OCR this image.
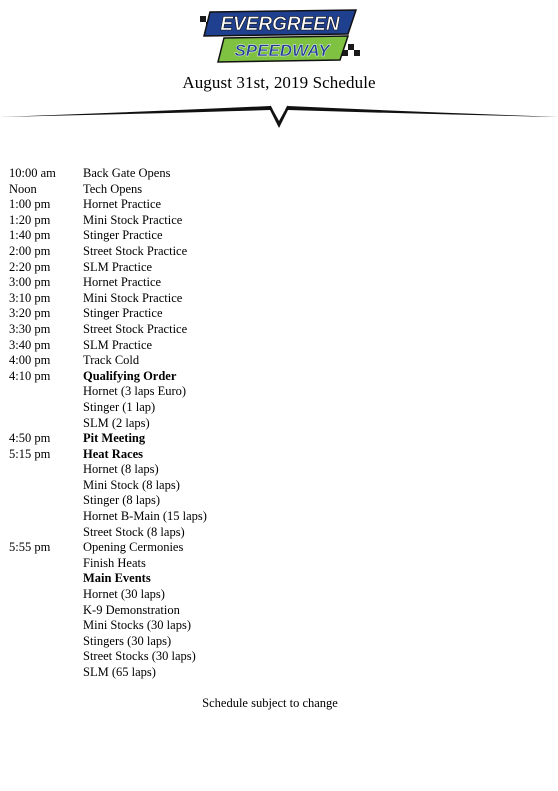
EVERGREEN
SPEEDWAY
August 31st, 2019 Schedule
10:00 am	Back Gate Opens
Noon	Tech Opens
1:00 pm	Hornet Practice
1:20 pm	Mini Stock Practice
1:40 pm	Stinger Practice
2:00 pm	Street Stock Practice
2:20 pm	SLM Practice
3:00 pm	Hornet Practice
3:10 pm	Mini Stock Practice
3:20 pm	Stinger Practice
3:30 pm	Street Stock Practice
3:40 pm	SLM Practice
4:00 pm	Track Cold
4:10 pm	Qualifying Order
Hornet (3 laps Euro)
Stinger (1 lap)
SLM (2 laps)
4:50 pm	Pit Meeting
5:15 pm	Heat Races
Hornet (8 laps)
Mini Stock (8 laps)
Stinger (8 laps)
Hornet B-Main (15 laps)
Street Stock (8 laps)
5:55 pm	Opening Cermonies
Finish Heats
Main Events
Hornet (30 laps)
K-9 Demonstration
Mini Stocks (30 laps)
Stingers (30 laps)
Street Stocks (30 laps)
SLM (65 laps)
Schedule subject to change
